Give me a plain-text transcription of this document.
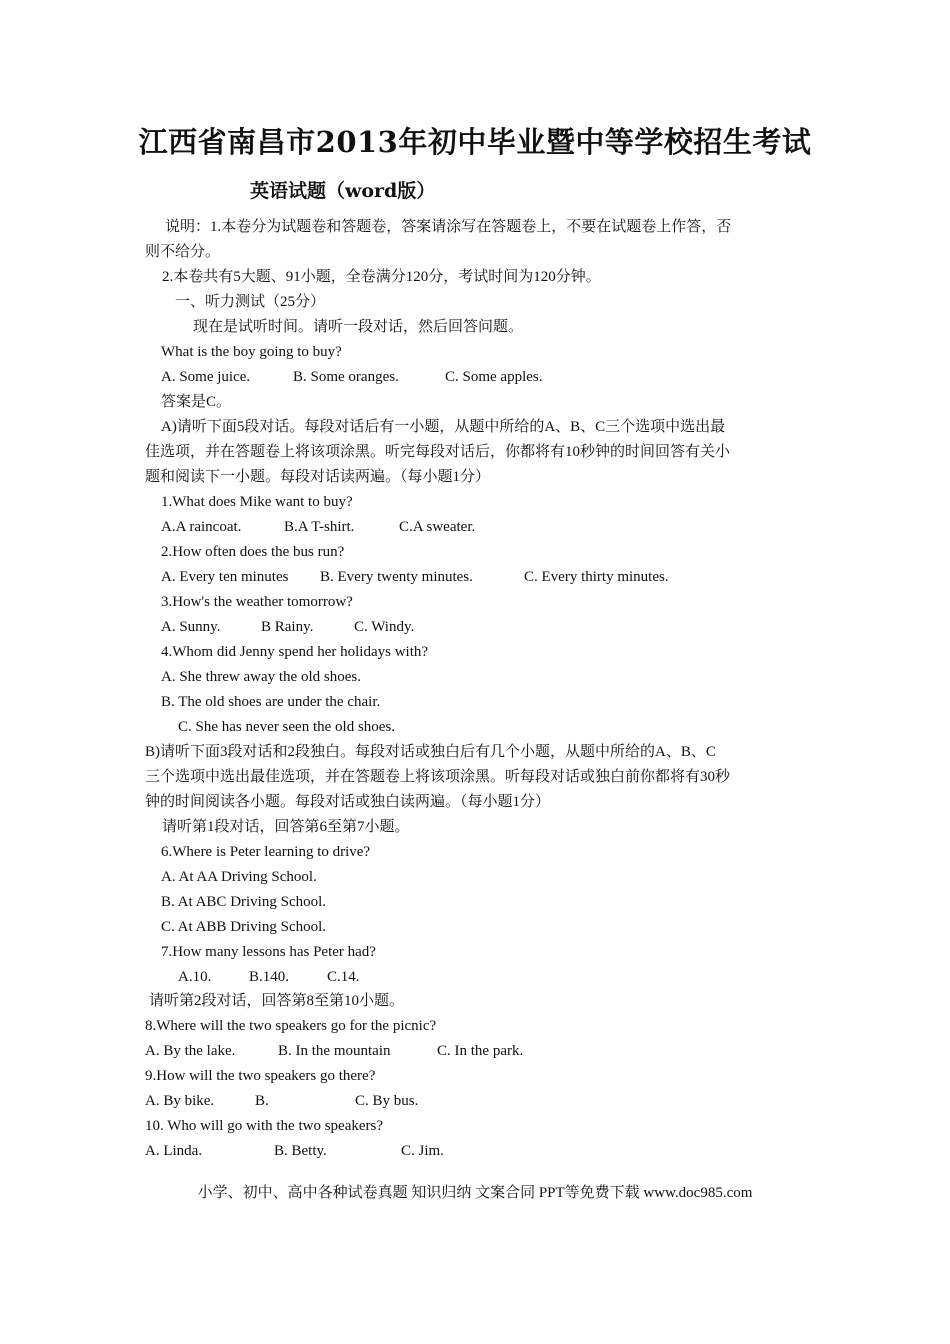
江西省南昌市2013年初中毕业暨中等学校招生考试
英语试题（word版）
说明：1.本卷分为试题卷和答题卷，答案请涂写在答题卷上，不要在试题卷上作答，否
则不给分。
2.本卷共有5大题、91小题，全卷满分120分，考试时间为120分钟。
一、听力测试（25分）
现在是试听时间。请听一段对话，然后回答问题。
What is the boy going to buy?
A. Some juice.	B. Some oranges.	C. Some apples.
答案是C。
A)请听下面5段对话。每段对话后有一小题，从题中所给的A、B、C三个选项中选出最
佳选项，并在答题卷上将该项涂黑。听完每段对话后，你都将有10秒钟的时间回答有关小
题和阅读下一小题。每段对话读两遍。（每小题1分）
1.What does Mike want to buy?
A.A raincoat.	B.A T-shirt.	C.A sweater.
2.How often does the bus run?
A. Every ten minutes B. Every twenty minutes.	C. Every thirty minutes.
3.How's the weather tomorrow?
A. Sunny.	B Rainy.	C. Windy.
4.Whom did Jenny spend her holidays with?
A. She threw away the old shoes.
B. The old shoes are under the chair.
C. She has never seen the old shoes.
B)请听下面3段对话和2段独白。每段对话或独白后有几个小题，从题中所给的A、B、C
三个选项中选出最佳选项，并在答题卷上将该项涂黑。听每段对话或独白前你都将有30秒
钟的时间阅读各小题。每段对话或独白读两遍。（每小题1分）
请听第1段对话，回答第6至第7小题。
6.Where is Peter learning to drive?
A. At AA Driving School.
B. At ABC Driving School.
C. At ABB Driving School.
7.How many lessons has Peter had?
A.10.	B.140.	C.14.
请听第2段对话，回答第8至第10小题。
8.Where will the two speakers go for the picnic?
A. By the lake.	B. In the mountain	C. In the park.
9.How will the two speakers go there?
A. By bike.	B.	C. By bus.
10. Who will go with the two speakers?
A. Linda.	B. Betty.	C. Jim.
小学、初中、高中各种试卷真题 知识归纳 文案合同 PPT等免费下载 www.doc985.com
